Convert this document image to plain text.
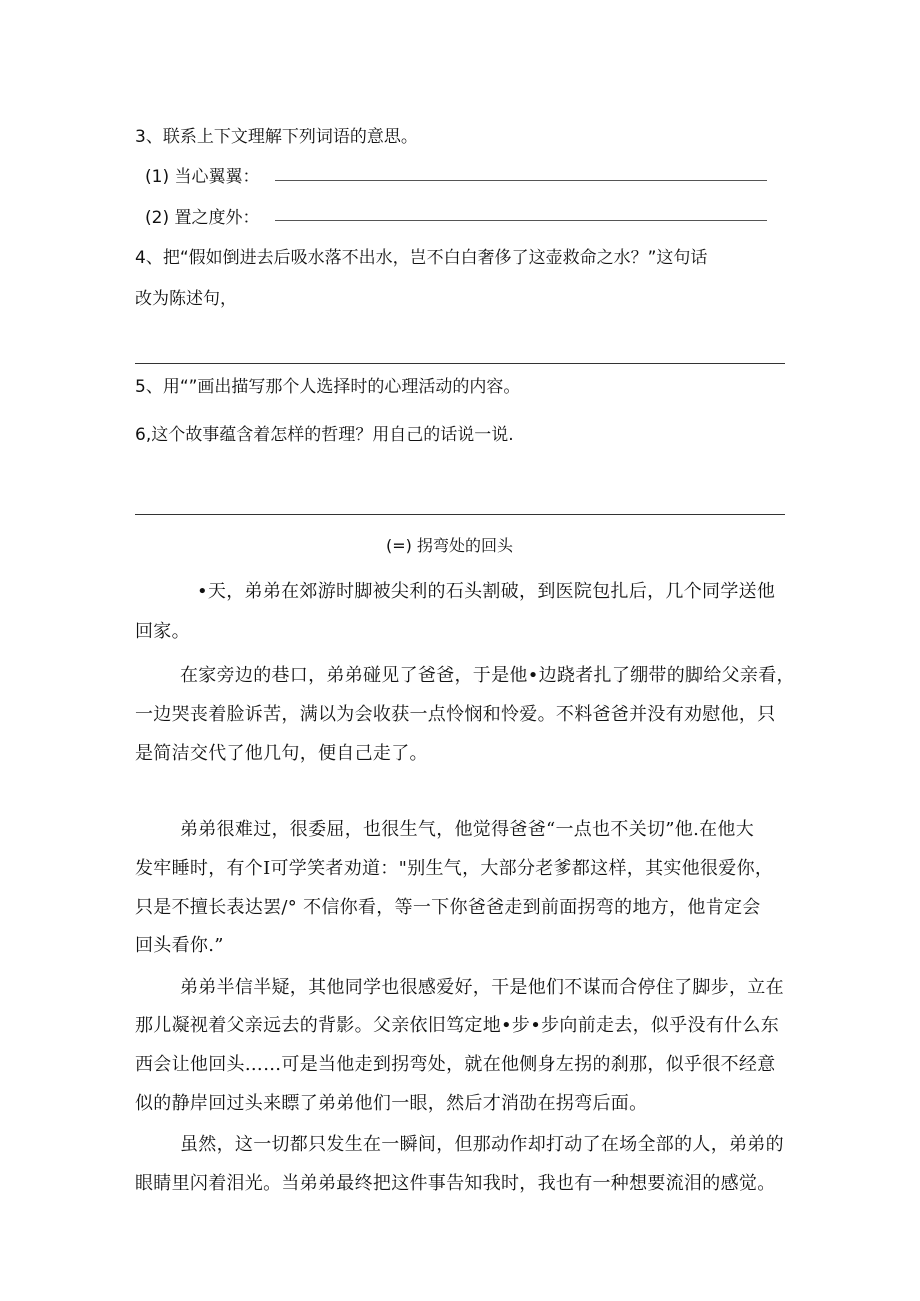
3、联系上下文理解下列词语的意思。
(1) 当心翼翼：
(2) 置之度外：
4、把“假如倒进去后吸水落不出水，岂不白白奢侈了这壶救命之水？”这句话
改为陈述句，
5、用“”画出描写那个人选择时的心理活动的内容。
6,这个故事蕴含着怎样的哲理？用自己的话说一说.
(=) 拐弯处的回头
•天，弟弟在郊游时脚被尖利的石头割破，到医院包扎后，几个同学送他
回家。
在家旁边的巷口，弟弟碰见了爸爸，于是他•边跷者扎了绷带的脚给父亲看，
一边哭丧着脸诉苦，满以为会收获一点怜悯和怜爱。不料爸爸并没有劝慰他，只
是简洁交代了他几句，便自己走了。
弟弟很难过，很委屈，也很生气，他觉得爸爸“一点也不关切”他.在他大
发牢睡时，有个I可学笑者劝道："别生气，大部分老爹都这样，其实他很爱你，
只是不擅长表达罢/° 不信你看，等一下你爸爸走到前面拐弯的地方，他肯定会
回头看你.”
弟弟半信半疑，其他同学也很感爱好，干是他们不谋而合停住了脚步，立在
那儿凝视着父亲远去的背影。父亲依旧笃定地•步•步向前走去，似乎没有什么东
西会让他回头……可是当他走到拐弯处，就在他侧身左拐的刹那，似乎很不经意
似的静岸回过头来瞟了弟弟他们一眼，然后才消劭在拐弯后面。
虽然，这一切都只发生在一瞬间，但那动作却打动了在场全部的人，弟弟的
眼睛里闪着泪光。当弟弟最终把这件事告知我时，我也有一种想要流泪的感觉。
